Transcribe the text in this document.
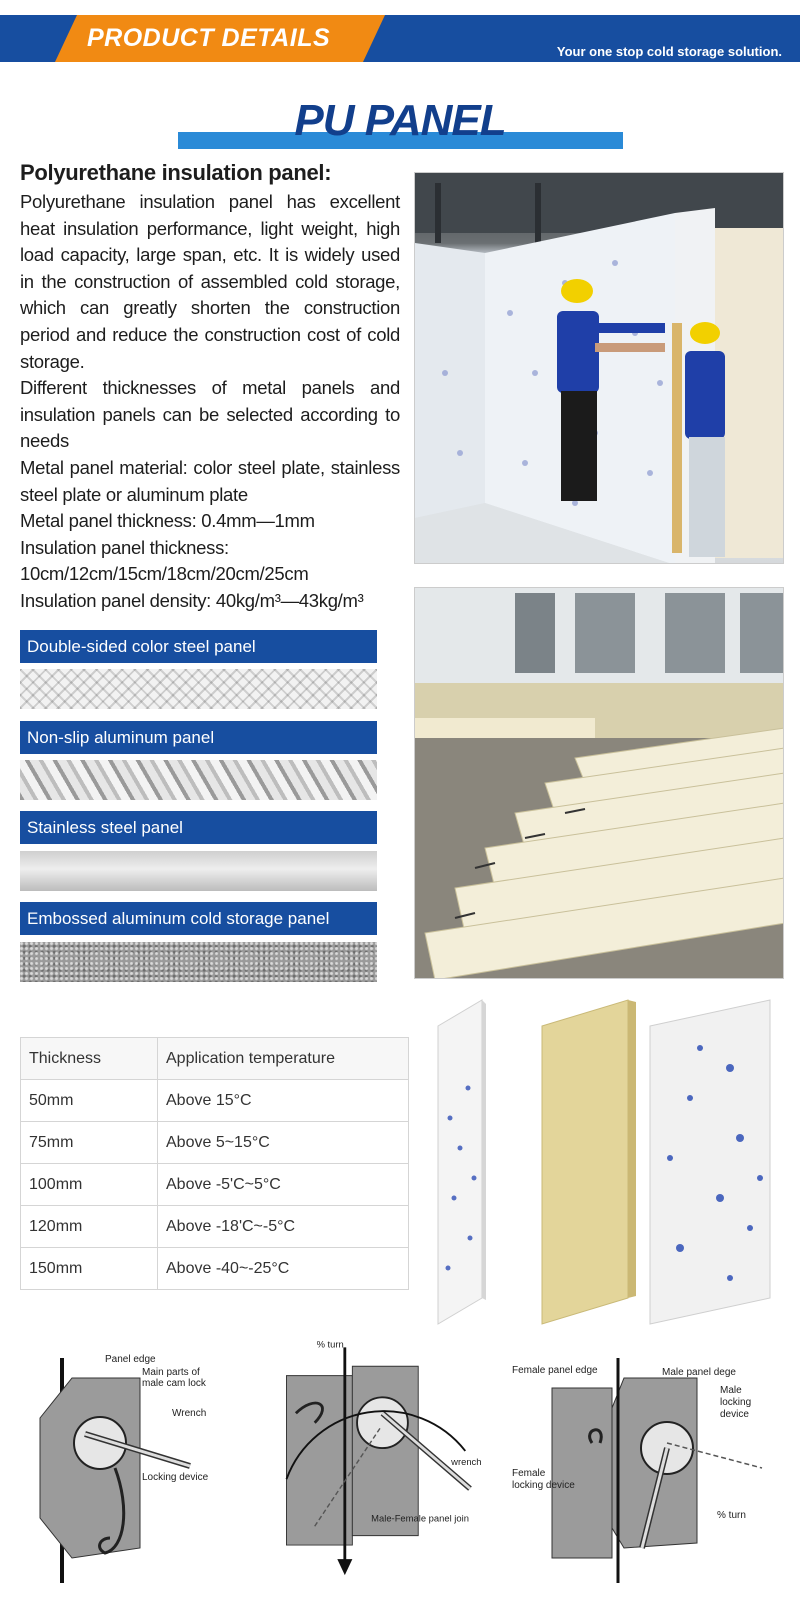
PRODUCT DETAILS	Your one stop cold storage solution.
PU PANEL
Polyurethane insulation panel:

Polyurethane insulation panel has excellent heat insulation performance, light weight, high load capacity, large span, etc. It is widely used in the construction of assembled cold storage, which can greatly shorten the construction period and reduce the construction cost of cold storage.

Different thicknesses of metal panels and insulation panels can be selected according to needs

Metal panel material: color steel plate, stainless steel plate or aluminum plate

Metal panel thickness: 0.4mm—1mm

Insulation panel thickness: 10cm/12cm/15cm/18cm/20cm/25cm

Insulation panel density: 40kg/m³—43kg/m³

Double-sided color steel panel
Non-slip aluminum panel
Stainless steel panel
Embossed aluminum cold storage panel
Thickness	Application temperature
50mm	Above 15°C
75mm	Above 5~15°C
100mm	Above -5'C~5°C
120mm	Above -18'C~-5°C
150mm	Above -40~-25°C
Panel edge
Main parts of
male cam lock
Wrench
Locking device
% turn
wrench
Male-Female panel join
Female panel edge	Male panel dege
Male
locking
device
Female
locking device
% turn
